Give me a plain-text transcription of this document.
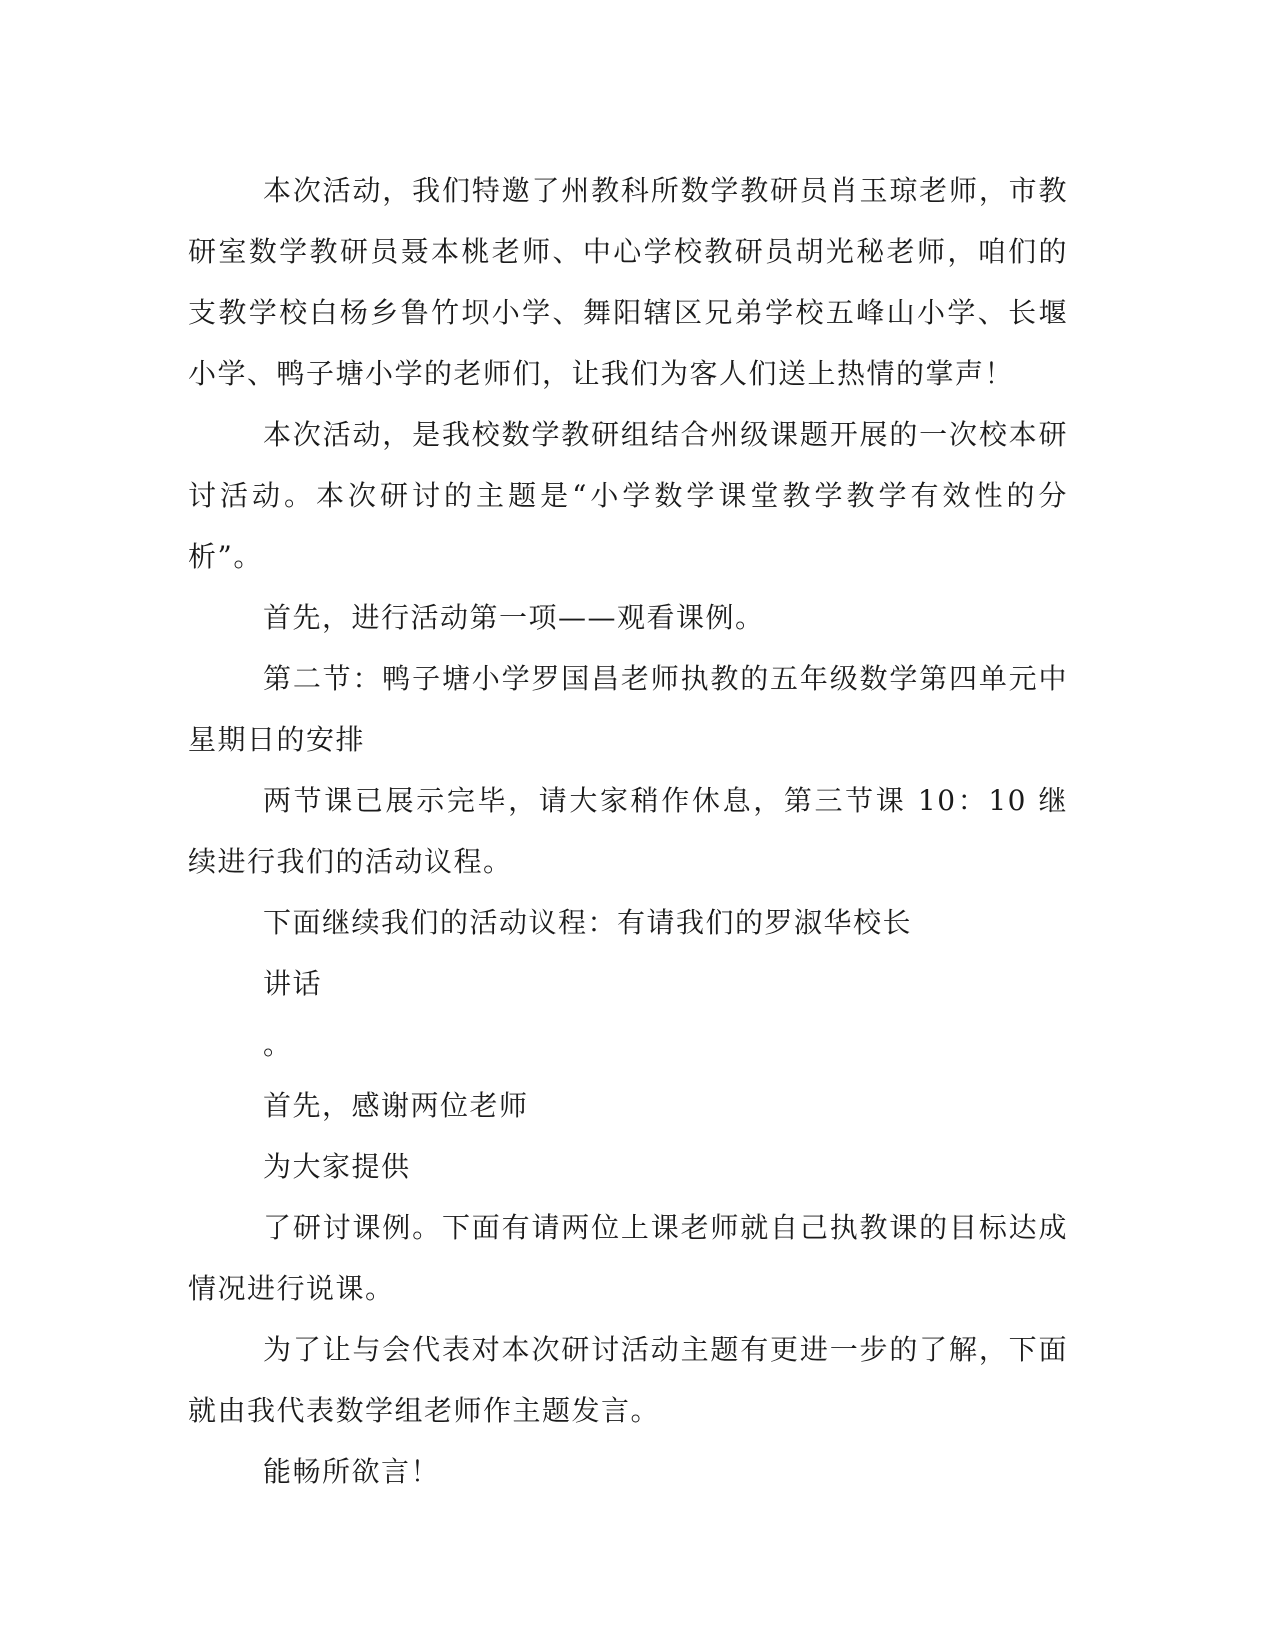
本次活动，我们特邀了州教科所数学教研员肖玉琼老师，市教研室数学教研员聂本桃老师、中心学校教研员胡光秘老师，咱们的支教学校白杨乡鲁竹坝小学、舞阳辖区兄弟学校五峰山小学、长堰小学、鸭子塘小学的老师们，让我们为客人们送上热情的掌声！

本次活动，是我校数学教研组结合州级课题开展的一次校本研讨活动。本次研讨的主题是“小学数学课堂教学教学有效性的分析”。

首先，进行活动第一项——观看课例。

第二节：鸭子塘小学罗国昌老师执教的五年级数学第四单元中星期日的安排

两节课已展示完毕，请大家稍作休息，第三节课 10：10 继续进行我们的活动议程。

下面继续我们的活动议程：有请我们的罗淑华校长

讲话

。

首先，感谢两位老师

为大家提供

了研讨课例。下面有请两位上课老师就自己执教课的目标达成情况进行说课。

为了让与会代表对本次研讨活动主题有更进一步的了解，下面就由我代表数学组老师作主题发言。

能畅所欲言！
